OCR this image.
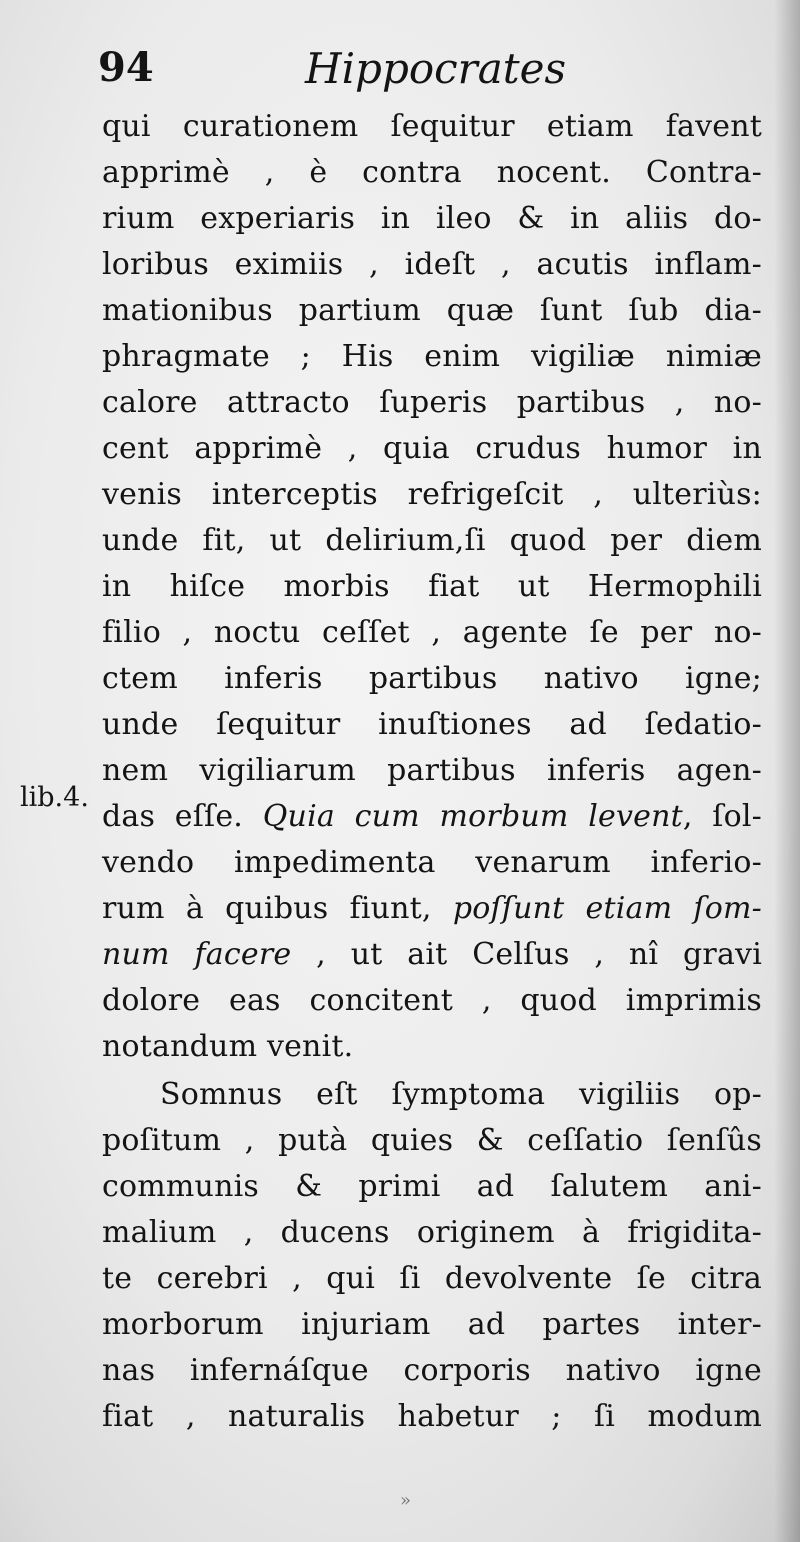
94	Hippocrates
lib.4.
qui curationem ſequitur etiam favent
apprimè , è contra nocent. Contra-
rium experiaris in ileo & in aliis do-
loribus eximiis , ideſt , acutis inflam-
mationibus partium quæ ſunt ſub dia-
phragmate ; His enim vigiliæ nimiæ
calore attracto ſuperis partibus , no-
cent apprimè , quia crudus humor in
venis interceptis refrigeſcit , ulteriùs:
unde fit, ut delirium,ſi quod per diem
in hiſce morbis fiat ut Hermophili
filio , noctu ceſſet , agente ſe per no-
ctem inferis partibus nativo igne;
unde ſequitur inuſtiones ad ſedatio-
nem vigiliarum partibus inferis agen-
das eſſe. Quia cum morbum levent, ſol-
vendo impedimenta venarum inferio-
rum à quibus fiunt, poſſunt etiam ſom-
num facere , ut ait Celſus , nî gravi
dolore eas concitent , quod imprimis
notandum venit.
Somnus eſt ſymptoma vigiliis op-
poſitum , putà quies & ceſſatio ſenſûs
communis & primi ad ſalutem ani-
malium , ducens originem à frigidita-
te cerebri , qui ſi devolvente ſe citra
morborum injuriam ad partes inter-
nas infernáſque corporis nativo igne
fiat , naturalis habetur ; ſi modum
»
